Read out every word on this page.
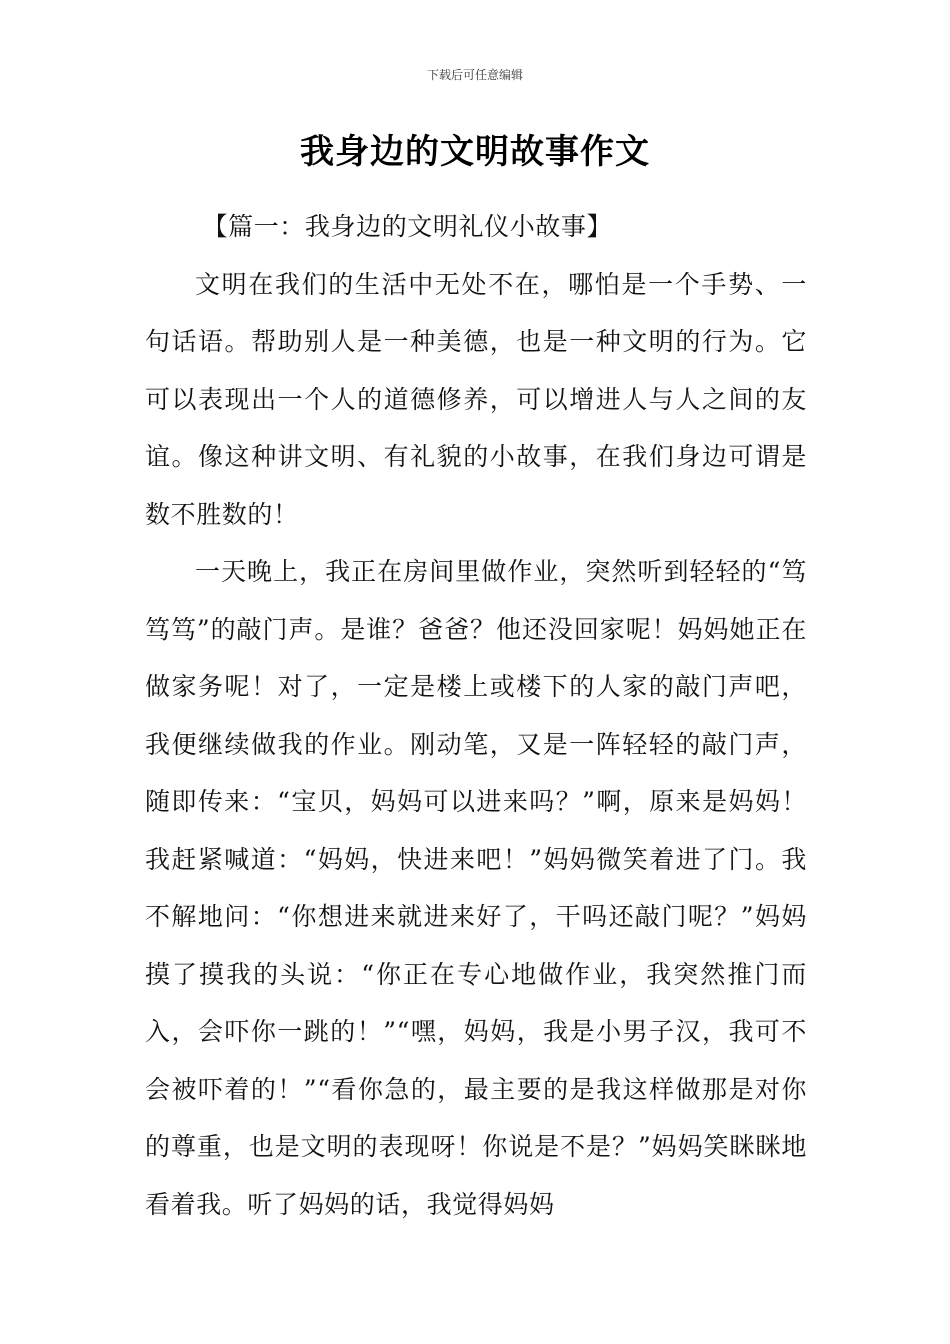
下载后可任意编辑
我身边的文明故事作文

【篇一：我身边的文明礼仪小故事】

文明在我们的生活中无处不在，哪怕是一个手势、一句话语。帮助别人是一种美德，也是一种文明的行为。它可以表现出一个人的道德修养，可以增进人与人之间的友谊。像这种讲文明、有礼貌的小故事，在我们身边可谓是数不胜数的！

一天晚上，我正在房间里做作业，突然听到轻轻的“笃笃笃”的敲门声。是谁？爸爸？他还没回家呢！妈妈她正在做家务呢！对了，一定是楼上或楼下的人家的敲门声吧，我便继续做我的作业。刚动笔，又是一阵轻轻的敲门声，随即传来：“宝贝，妈妈可以进来吗？”啊，原来是妈妈！我赶紧喊道：“妈妈，快进来吧！”妈妈微笑着进了门。我不解地问：“你想进来就进来好了，干吗还敲门呢？”妈妈摸了摸我的头说：“你正在专心地做作业，我突然推门而入，会吓你一跳的！”“嘿，妈妈，我是小男子汉，我可不会被吓着的！”“看你急的，最主要的是我这样做那是对你的尊重，也是文明的表现呀！你说是不是？”妈妈笑眯眯地看着我。听了妈妈的话，我觉得妈妈
